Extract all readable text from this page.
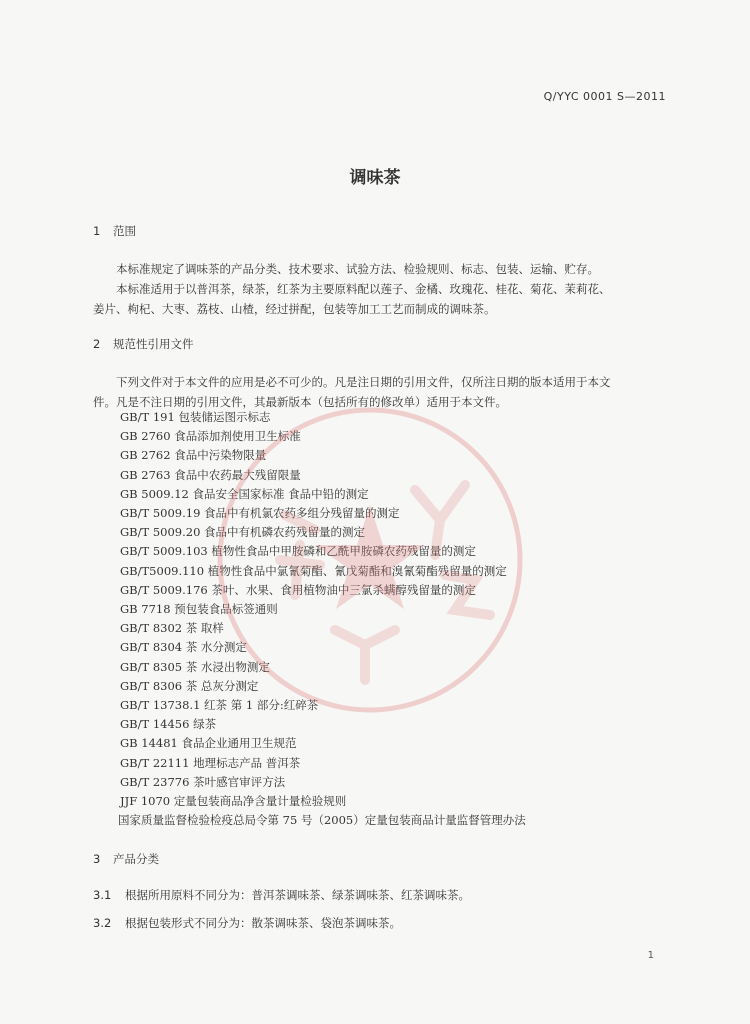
Q/YYC 0001 S—2011
调味茶
1 范围
本标准规定了调味茶的产品分类、技术要求、试验方法、检验规则、标志、包装、运输、贮存。
本标准适用于以普洱茶，绿茶，红茶为主要原料配以莲子、金橘、玫瑰花、桂花、菊花、茉莉花、
姜片、枸杞、大枣、荔枝、山楂，经过拼配，包装等加工工艺而制成的调味茶。
2 规范性引用文件
下列文件对于本文件的应用是必不可少的。凡是注日期的引用文件，仅所注日期的版本适用于本文
件。凡是不注日期的引用文件，其最新版本（包括所有的修改单）适用于本文件。
GB/T 191 包装储运图示标志
GB 2760 食品添加剂使用卫生标准
GB 2762 食品中污染物限量
GB 2763 食品中农药最大残留限量
GB 5009.12 食品安全国家标准 食品中铅的测定
GB/T 5009.19 食品中有机氯农药多组分残留量的测定
GB/T 5009.20 食品中有机磷农药残留量的测定
GB/T 5009.103 植物性食品中甲胺磷和乙酰甲胺磷农药残留量的测定
GB/T5009.110 植物性食品中氯氰菊酯、氰戊菊酯和溴氰菊酯残留量的测定
GB/T 5009.176 茶叶、水果、食用植物油中三氯杀螨醇残留量的测定
GB 7718 预包装食品标签通则
GB/T 8302 茶 取样
GB/T 8304 茶 水分测定
GB/T 8305 茶 水浸出物测定
GB/T 8306 茶 总灰分测定
GB/T 13738.1 红茶 第 1 部分:红碎茶
GB/T 14456 绿茶
GB 14481 食品企业通用卫生规范
GB/T 22111 地理标志产品 普洱茶
GB/T 23776 茶叶感官审评方法
JJF 1070 定量包装商品净含量计量检验规则
国家质量监督检验检疫总局令第 75 号（2005）定量包装商品计量监督管理办法
3 产品分类
3.1 根据所用原料不同分为：普洱茶调味茶、绿茶调味茶、红茶调味茶。
3.2 根据包装形式不同分为：散茶调味茶、袋泡茶调味茶。
1
